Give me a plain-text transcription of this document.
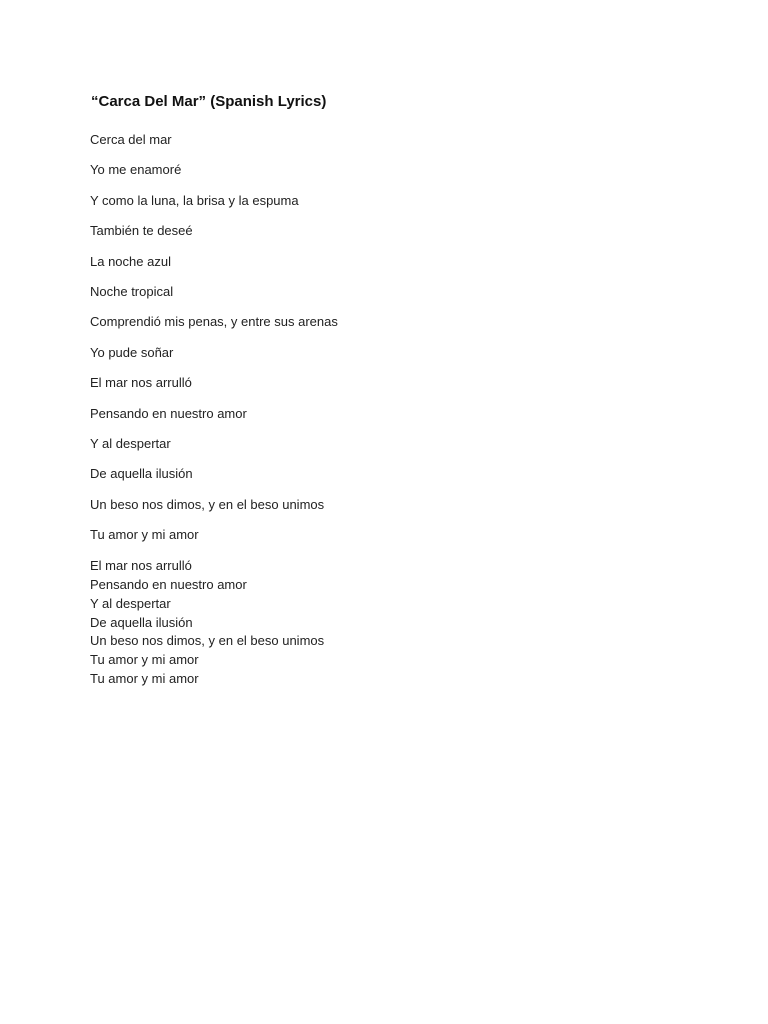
“Carca Del Mar” (Spanish Lyrics)
Cerca del mar
Yo me enamoré
Y como la luna, la brisa y la espuma
También te deseé
La noche azul
Noche tropical
Comprendió mis penas, y entre sus arenas
Yo pude soñar
El mar nos arrulló
Pensando en nuestro amor
Y al despertar
De aquella ilusión
Un beso nos dimos, y en el beso unimos
Tu amor y mi amor
El mar nos arrulló
Pensando en nuestro amor
Y al despertar
De aquella ilusión
Un beso nos dimos, y en el beso unimos
Tu amor y mi amor
Tu amor y mi amor
